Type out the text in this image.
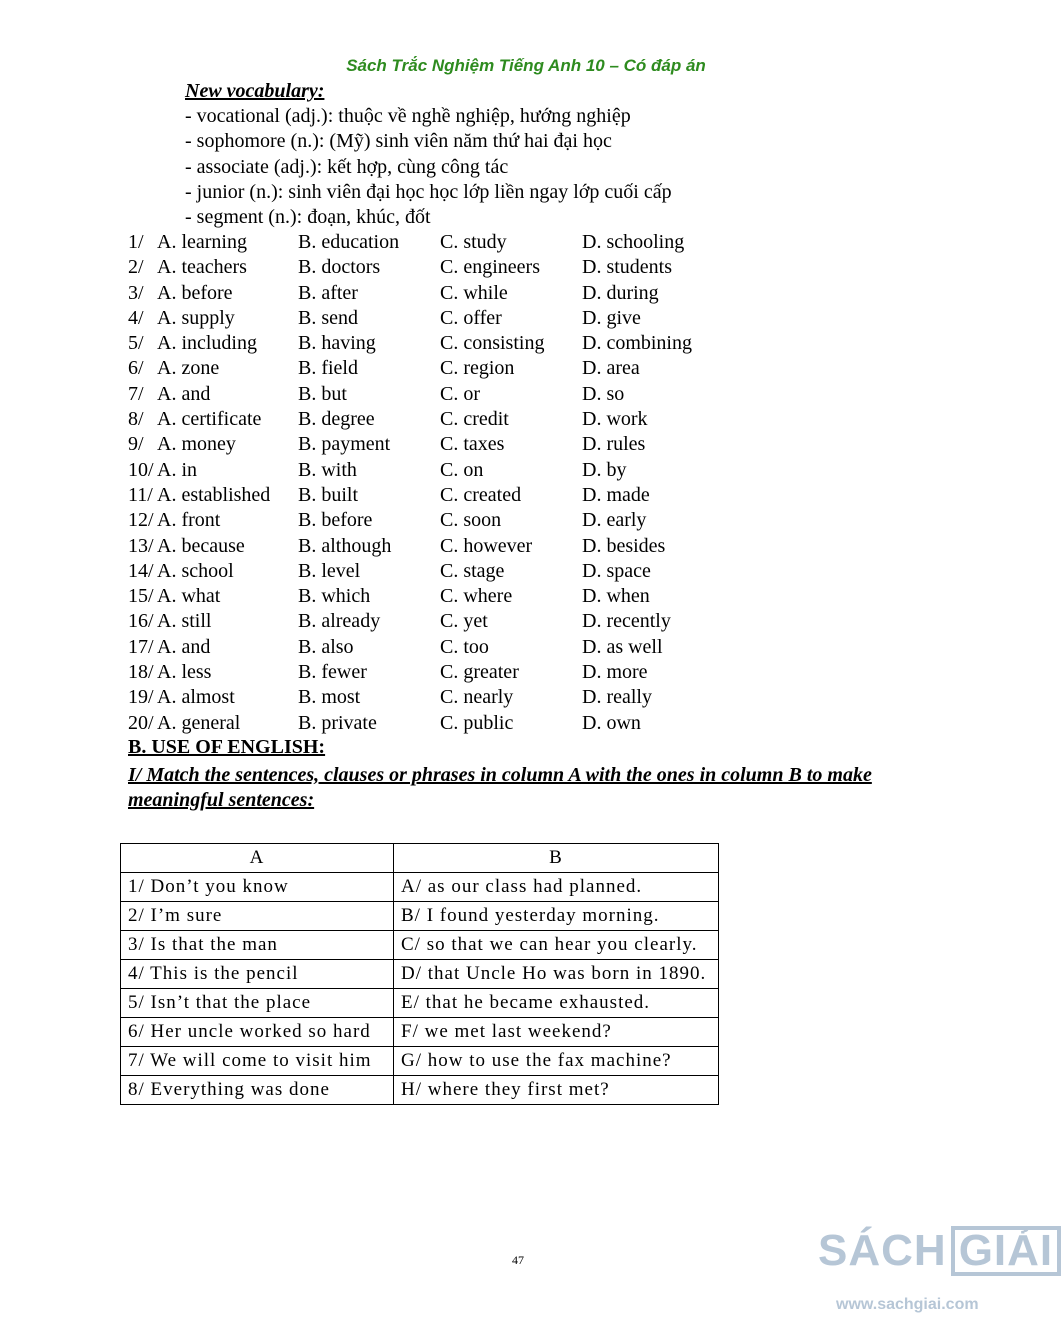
Sách Trắc Nghiệm Tiếng Anh 10 – Có đáp án
New vocabulary:
- vocational (adj.): thuộc về nghề nghiệp, hướng nghiệp
- sophomore (n.): (Mỹ) sinh viên năm thứ hai đại học
- associate (adj.): kết hợp, cùng công tác
- junior (n.): sinh viên đại học học lớp liền ngay lớp cuối cấp
- segment (n.): đoạn, khúc, đốt
1/ A. learning	B. education C. study	D. schooling
2/ A. teachers	B. doctors	C. engineers D. students
3/ A. before	B. after	C. while	D. during
4/ A. supply	B. send	C. offer	D. give
5/ A. including B. having	C. consisting D. combining
6/ A. zone	B. field	C. region	D. area
7/ A. and	B. but	C. or	D. so
8/ A. certificate B. degree	C. credit	D. work
9/ A. money	B. payment C. taxes	D. rules
10/ A. in	B. with	C. on	D. by
11/ A. established B. built	C. created	D. made
12/ A. front	B. before	C. soon	D. early
13/ A. because	B. although C. however D. besides
14/ A. school	B. level	C. stage	D. space
15/ A. what	B. which	C. where	D. when
16/ A. still	B. already	C. yet	D. recently
17/ A. and	B. also	C. too	D. as well
18/ A. less	B. fewer	C. greater	D. more
19/ A. almost	B. most	C. nearly	D. really
20/ A. general	B. private	C. public	D. own
B. USE OF ENGLISH:
I/ Match the sentences, clauses or phrases in column A with the ones in column B to make meaningful sentences:
A	B
1/ Don’t you know	A/ as our class had planned.
2/ I’m sure	B/ I found yesterday morning.
3/ Is that the man	C/ so that we can hear you clearly.
4/ This is the pencil	D/ that Uncle Ho was born in 1890.
5/ Isn’t that the place	E/ that he became exhausted.
6/ Her uncle worked so hard	F/ we met last weekend?
7/ We will come to visit him	G/ how to use the fax machine?
8/ Everything was done	H/ where they first met?
47	SÁCH GIẢI
www.sachgiai.com
